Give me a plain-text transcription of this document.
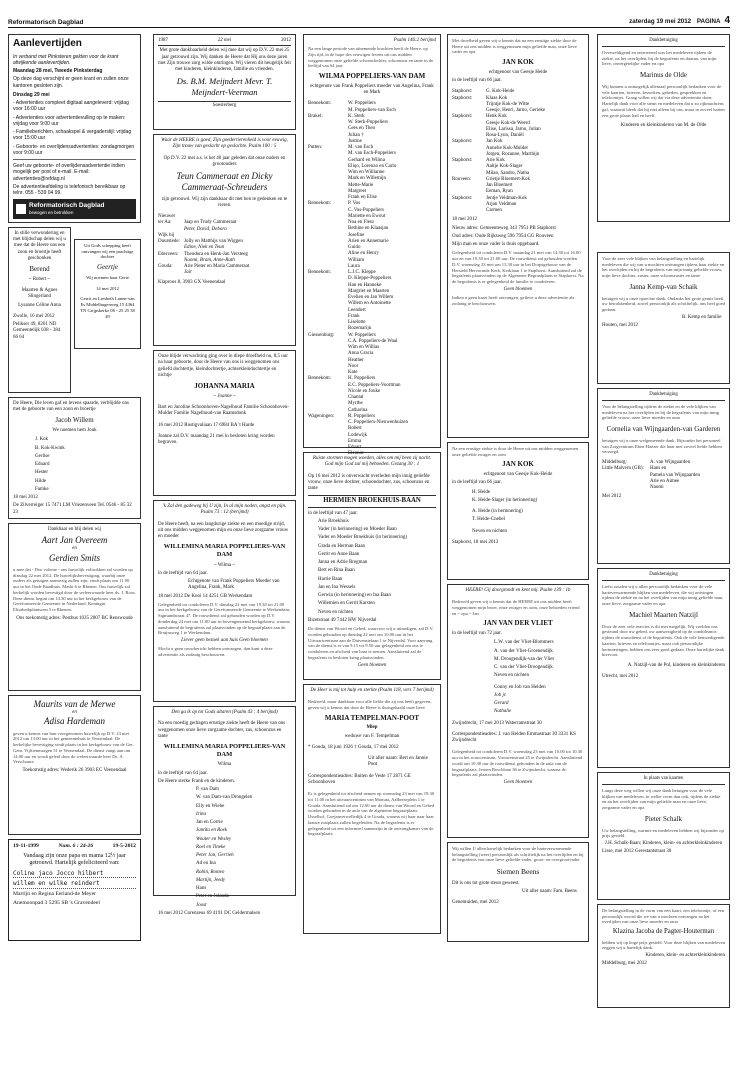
Reformatorisch Dagblad	zaterdag 19 mei 2012 PAGINA 4
Aanlevertijden

In verband met Pinksteren gelden voor de krant afwijkende aanlevertijden.

Maandag 28 mei, Tweede Pinksterdag

Op deze dag verschijnt er geen krant en zullen onze kantoren gesloten zijn.

Dinsdag 29 mei

- Advertenties compleet digitaal aangeleverd: vrijdag voor 16:00 uur

- Advertenties voor advertentievulling op te maken: vrijdag voor 9:00 uur

- Familieberichten, schaakspel & vergaderstijl: vrijdag voor 15:00 uur

- Geboorte- en overlijdensadvertenties: zondagmorgen voor 9:00 uur

Geef uw geboorte- of overlijdensadvertentie indien mogelijk per post of e-mail. E-mail: advertenties@refdag.nl

De advertentieafdeling is telefonisch bereikbaar op telnr. 055 - 539 04 99.

Reformatorisch Dagblad
bewogen en betrokken

In stille verwondering en met blijdschap delen wij u mee dat de Heere ons een zoon en broertje heeft geschonken

Berend

~ Robert ~

Maarten & Agnes Slingerland

Lysanne Céline Anna

Zwolle, 16 mei 2012

Pelikser 49, 8201 ND Gemeentelijk 038 - 384 66 64

Uit Gods schepping heeft ontvangen wij een prachtige dochter

Geertje

Wij noemen haar Gerie

14 mei 2012

Gerrit en Liesbeth Lanen-van Es Middelhugenweg 15 4364 TN Grijpskerke 06 - 25 25 38 49

De Heere, Die leven gaf en levens spaarde, verblijdde ons met de geboorte van een zoon en broertje

Jacob Willem

We noemen hem Jouk

J. Kok

B. Kok-Kwink

Gerlise

Eduard

Hester

Hilde

Famke

18 mei 2012

De Zilverreiger 15 7471 LM Vriezenveen Tel. 0546 - 85 32 23

Dankbaar en blij delen wij

Aart Jan Overeem
en
Gerdien Smits

u mee dat - Deo volente - ons huwelijk voltrokken zal worden op dinsdag 22 mei 2012. De huwelijksbevestiging, waarbij onze ouders als getuigen aanwezig zullen zijn, vindt plaats om 11.00 uur in het Oude Raadhuis, Markt 6 te Rhenen. Ons huwelijk zal kerkelijk worden bevestigd door de weleerwaarde heer ds. J. Roos. Deze dienst begint om 14.30 uur in het kerkgebouw van de Gereformeerde Gemeente in Nederland, Koningin Elisabethplantsoen 5 te Rhenen.

Ons toekomstig adres: Postbus 1035 2007 BC Renswoude

Maurits van de Merwe
en
Adisa Hardeman

geven u kennis van hun voorgenomen huwelijk op D.V. 23 mei 2012 om 13.00 uur in het gemeentehuis te Veenendaal. De kerkelijke bevestiging vindt plaats in het kerkgebouw van de Ger. Gem. Vijftienmorgen 51 te Veenendaal. De dienst vangt aan om 14.00 uur en wordt geleid door de weleerwaarde heer Ds. A. Verschuure.

Toekomstig adres: Wederik 26 3903 EC Veenendaal

19-11-1999	Num. 6 : 24-26	19-5-2012

Vandaag zijn onze papa en mama 12½ jaar getrouwd. Hartelijk gefeliciteerd van:

Coline jaco Jocco hilbert
willem en wilke reindert

Marrijn en Regina Eerland-de Meyer

Anemoonpad 3 5295 SB 's Gravendeel

1987	22 mei	2012

Met grote dankbaarheid delen wij mee dat wij op D.V. 22 mei 25 jaar getrouwd zijn. Wij danken de Heere dat Hij ons deze jaren met Zijn trouwe zorg wilde omringen. Wij vieren dit heugelijk feit met kinderen, kleinkinderen, familie en vrienden.

Ds. B.M. Meijndert Mevr. T. Meijndert-Veerman

Soesterberg

Waar de HEERE is goed, Zijn goedertierenheid is voor eeuwig, Zijn trouw van geslacht op geslachte. Psalm 100 : 5

Op D.V. 22 mei a.s. is het 40 jaar geleden dat onze ouders en grootouders

Teun Cammeraat en Dicky Cammeraat-Schreuders

zijn getrouwd. Wij zijn dankbaar dit met hen te gedenken en te vieren.

Nieuwer
ter Aa:	Jaap en Trudy Cammeraat
Peter, David, Debora
Wijk bij
Duurstede: Jolly en Matthijs van Wiggen
Edine, Niek en Teun
Ederveen:	Theodora en Henk-Jan Versteeg
Naomi, Bram, Anne-Ruth
Gouda:	Arie Pieter en Maria Cammeraat
Jair

Klaproos 8, 3903 GX Veenendaal

Onze blijde verwachting ging over in diepe droefheid nu, 8,5 uur na haar geboorte, door de Heere van ons is weggenomen ons geliefd dochtertje, kleindochtertje, achterkleindochtertje en nichtje

JOHANNA MARIA

~ Joanne ~

Bart en Jacoline Schoonhoven-Nagelhoud Familie Schoonhoven-Mulder Familie Nagelhoud-van Raamsdonk

16 mei 2012 Rustigvaliaan 17 6984 BA 't Harde

Joanne zal D.V. maandag 21 mei in besloten kring worden begraven.

'k Zal den gadeweg bij U zijn, In al mijn noden, angst en pijn. Psalm 73 : 12 (berijmd)

De Heere heeft, na een langdurige ziekte en een moedige strijd, uit ons midden weggenomen mijn en onze lieve zorgzame vrouw en moeder

WILLEMINA MARIA POPPELIERS-VAN DAM

~ Wilma ~

in de leeftijd van 64 jaar.

Echtgenote van Frank Poppeliers Moeder van Angelina, Frank, Mark

18 mei 2012 De Kooi 14 4251 GB Werkendam

Gelegenheid tot condoleren D.V. dinsdag 22 mei van 19.30 tot 21.00 uur in het kerkgebouw van de Gereformeerde Gemeente te Werkendam, Sigmundstraat 47. De rouwdienst zal gehouden worden op D.V. donderdag 24 mei om 11.00 uur in bovengenoemd kerkgebouw, waarna aansluitend de begrafenis zal plaatsvinden op de begraafplaats aan de Bruijnsweg 1 te Werkendam.

Liever geen bezoek aan huis Geen bloemen

Mocht u geen rouwbericht hebben ontvangen, dan kunt u deze advertentie als zodanig beschouwen.

Den ga ik op tot Gods altaren (Psalm 43 : 4 berijmd)

Na een moedig gedragen ernstige ziekte heeft de Heere van ons weggenomen onze lieve zorgzame dochter, zus, schoonzus en tante

WILLEMINA MARIA POPPELIERS-VAN DAM

Wilma

in de leeftijd van 64 jaar.

De Heere sterke Frank en de kinderen.

P. van Dam

W. van Dam-van Drongelen

Elly en Wiebe

Irina

Jan en Corrie

Jantita en Roek

Wouter en Wesley

Roel en Tineke

Peter Jan, Gerrieh

Ad en Ina

Robin, Romeo

Martijn, Jeedy

Hans

Peter en Jolanda

Joost

16 mei 2012 Corenzeus 69 4191 DC Geldermalsen

Psalm 146:2 berijmd

Na een lange periode van afnemende krachten heeft de Heere, op Zijn tijd, in de hope des eeuwigen levens uit ons midden weggenomen onze geliefde schoondochter, schoonzus en tante in de leeftijd van 64 jaar

WILMA POPPELIERS-VAN DAM

echtgenote van Frank Poppeliers moeder van Angelina, Frank en Mark

Bennekom:	W. Poppeliers
M. Poppeliers-van Esch
Brakel:	K. Sterk
W. Sterk-Poppeliers
Cees en Theo
Julian †
Justine
Putten:	M. van Esch
M. van Esch-Poppeliers
Gerhard en Wilma
Eliqo, Lorenzo en Carlo
Wim en Willianne
Mark en Willemijn
Mette-Marie
Margreet
Frank en Elise
Bennekom:	P. Vos
C. Vos-Poppeliers
Mariette en Ewout
Noa en Fleur
Bethine en Klaasjan
Josefine
Arien en Annemarie
Guido
Aline en Henry
William
Laura
Bennekom:	L.J.C. Kleppe
D. Kleppe-Poppeliers
Han en Hanneke
Margriet en Maarten
Evelien en Jan Willem
Willem en Antoinette
Leendert
Frank
Liselotte
Rozemarijn
Giessenburg:	W. Poppeliers
C.A. Poppeliers-de Waal
Wim en Willias
Anna Gracia
Heather
Noor
Kate
Bennekom:	H. Poppeliers
E.C. Poppeliers-Voortman
Nicole en Jouke
Chantal
Myrthe
Catharina
Wageningen:	R. Poppeliers
C. Poppeliers-Nieuwenhuizen
Robert
Lodewijk
Emma
Eduart
Eleonor

Ruiste stormen mogen woeden, alles om mij been zij nacht. God mijn God zal mij behoeden. Gezang 30 : 1

Op 16 mei 2012 is onverwacht overleden mijn innig geliefde vrouw, onze lieve dochter, schoondochter, zus, schoonzus en tante

HERMIEN BROEKHUIS-BAAN

in de leeftijd van 47 jaar.

Arie Broekhuis

Vader (in herinnering) en Moeder Baan

Vader en Moeder Broekhuis (in herinnering)

Grada en Herman Baan

Gerrit en Anne Baan

Janna en Adrie Bregman

Bert en Rina Baan

Harrie Baan

Jan en Ina Wessels

Gerwin (in herinnering) en Ina Baan

Willemien en Gerrit Karsten

Neven en nichten

Bizetstraat 49 7442 HW Nijverdal

De dienst van Woord en Gebed, waarvoor wij u uitnodigen, zal D.V. worden gehouden op dinsdag 22 mei om 10.00 uur in het Uitvaartcentrum aan de Duivenstelaan 1 te Nijverdal. Voor aanvang van de dienst is er van 9.15 tot 9.50 uur gelegenheid om ons te condoleren en afscheid van haar te nemen. Aansluitend zal de begrafenis in besloten kring plaatsvinden.

Geen bloemen

De Heer is mij tot hulp en sterkte (Psalm 118, vers 7 berijmd)

Bedroefd, maar dankbaar voor alle liefde die zij ons heeft gegeven, geven wij u kennis dat door de Heere is thuisgehaald onze lieve

MARIA TEMPELMAN-POOT

Miep

weduwe van F. Tempelman

* Gouda, 18 juni 1926 † Gouda, 17 mei 2012

Uit aller naam: Bert en Jannie Poot

Correspondentieadres: Buiten de Veste 17 2871 GE Schoonhoven

Er is gelegenheid tot afscheid nemen op woensdag 23 mei van 19.30 tot 11.00 in het uitvaartcentrum van Monuta, Aalberseplein 1 te Gouda. Aansluitend zal om 12.00 uur de dienst van Woord en Gebed worden gehouden in de aula van de algemene begraafplaats IJsselhof, Goejanverwelledijk 4 te Gouda, waarna wij haar naar haar laatste rustplaats zullen begeleiden. Na de begrafenis is er gelegenheid tot een informeel samenzijn in de ontvangkamer van de begraafplaats.

Met droefheid geven wij u kennis dat na een ernstige ziekte door de Heere uit ons midden is weggenomen mijn geliefde man, onze lieve vader en opa

JAN KOK

echtgenoot van Geesje Heide

in de leeftijd van 66 jaar.

Staphorst:	G. Kok-Heide
Staphorst:	Klaas Kok
Trijntje Kok-de Witte
Geesje, Henri, Jarno, Gerieke
Staphorst:	Henk Kok
Geesje Kok-de Weerd
Elise, Larissa, Jarno, Julian
Rosa-Lynn, Daniël
Staphorst:	Jan Kok
Annelie Kok-Mulder
Jorgen, Rozanne, Marthijn
Staphorst:	Arie Kok
Aaltje Kok-Slager
Milan, Sandro, Natha
Rouveen:	Grietje Bloemert-Kok
Jan Bloemert
Eeman, Ryan
Staphorst:	Jentje Veldman-Kok
Arjan Veldman
Carmen

18 mei 2012

Nieuw adres: Gemeenteweg 343 7951 PB Staphorst

Oud adres: Oude Rijksweg 596 7954 GG Rouveen

Mijn man en onze vader is thuis opgebaard.

Gelegenheid tot condoleren D.V. maandag 21 mei van 14.30 tot 16.00 uur en van 19.30 tot 21.00 uur. De rouwdienst zal gehouden worden D.V. woensdag 23 mei om 13.30 uur in het Dorpsgebouw van de Hersteld Hervormde Kerk, Kerklaan 1 te Staphorst. Aansluitend zal de begrafenis plaatsvinden op de Algemene Begraafplaats te Staphorst. Na de begrafenis is er gelegenheid de familie te condoleren.

Geen bloemen

Indien u geen kaart heeft ontvangen, gelieve u deze advertentie als zodanig te beschouwen.

Na een ernstige ziekte is door de Heere uit ons midden weggenomen onze geliefde zwager en oom

JAN KOK

echtgenoot van Geesje Kok-Heide

in de leeftijd van 66 jaar.

H. Heide

K. Heide-Slager (in herinnering)

A. Heide (in herinnering)

T. Heide-Cnebel

Neven en nichten

Staphorst, 18 mei 2012

HEERE! Gij doorgrondt en kent mij. Psalm 139 : 1b

Bedroefd geven wij u kennis dat de HEERE uit ons midden heeft weggenomen mijn broer, onze zwager en oom, onze behoeden vriend en ~ opa ~ Jan

JAN VAN DER VLIET

in de leeftijd van 72 jaar.

L.W. van der Vliet-Blommers

A. van der Vliet-Groenendijk

M. Droogendijk-van der Vliet

C. van der Vliet-Droogendijk

Neven en nichten

Conny en Job van Helden

Job jr.

Gerard

Nathalie

Zwijndrecht, 17 mei 2013 Waterramstraat 30

Correspondentieadres: J. van Helden Emmastraat 30 3331 KS Zwijndrecht

Gelegenheid tot condoleren D.V. woensdag 23 mei van 10.00 tot 10.30 uur in het rouwcentrum, Vrouwenstraat 25 te Zwijndrecht. Aansluitend wordt om 10.30 uur de rouwdienst gehouden in de aula van de begraafplaats, Jeroen Boschlaan 36 te Zwijndrecht, waarna de begrafenis zal plaatsvinden.

Geen bloemen

Wij willen U allen hartelijk bedanken voor de harteverwarmende belangstelling (weer) persoonlijk als schriftelijk na het overlijden en bij de begrafenis van onze lieve geliefde vader, groot- en overgrootvader

Siemen Beens

Dit is ons tot grote steun geweest.

Uit aller naam: Fam. Beens

Genemuiden, mei 2012

Dankbetuiging

Overweldigend en ontroerend was het medeleven tijdens de ziekte, na het overlijden, bij de begrafenis en daarna, van mijn lieve, onvergetelijke vader en opa

Marinus de Olde

Wij kunnen u onmogelijk allemaal persoonlijk bedanken voor de vele kaarten, brieven, bezoeken, gebeden, gesprekken en telefoontjes. Graag willen wij dat via deze advertentie doen: Hartelijk dank voor alle steun en medeleven dat u zo rijkmachtens gaf, waarmit bleek dat hij niet alleen bij ons, maar in zoveel harten een grote plaats had en heeft.

Kinderen en kleinkinderen van M. de Olde

Voor de zeer vele blijken van belangstelling en hartelijk medeleven die wij van u mochten ontvangen tijdens haar ziekte en het overlijden en bij de begrafenis van mijn innig geliefde vrouw, mijn lieve dochter, zuster, onze schoonzuster en tante

Janna Kemp-van Schaik

betuigen wij u onze oprechte dank. Ondanks het grote gemis heeft uw betrokkenheid, zowel persoonlijk als schriftelijk, ons heel goed gedaan.

B. Kemp en familie

Houten, mei 2012

Dankbetuiging

Voor de belangstelling tijdens de ziekte en de vele blijken van medeleven na het overlijden en bij de begrafenis van mijn innig geliefde vrouw, onze lieve moeder en oma

Cornelia van Wijngaarden-van Garderen

betuigen wij u onze welgemeende dank. Bijzonder het personeel van Zorgcentrum Eben-Haëzer die haar met zoveel liefde hebben verzorgd.

Middelburg:	A. van Wijngaarden
Little Malvern (GB):	Hans en
Pamela van Wijngaarden
Arie en Aimee
Naomi

Mei 2012

Dankbetuiging

Liefst zouden wij u allen persoonlijk bedanken voor de vele harteverwarmende blijken van medeleven, die wij ontvingen tijdens de ziekte en na het overlijden van mijn innig geliefde man, onze lieve, zorgzame vader en opa

Machiel Maarten Natzijl

Door de zeer vele reacties is dit niet mogelijk. Wij voelden ons gesteund door uw gebed, uw aanwezigheid op de condoleance, tijdens de rouwdienst of de begrafenis. Ook de vele bemoedigende kaarten, brieven en telefoontjes, maar ook persoonlijke herinneringen, hebben ons zeer goed gedaan. Onze hartelijke dank hiervoor.

A. Natzijl-van de Pol, kinderen en kleinkinderen

Utrecht, mei 2012

In plaats van kaarten

Langs deze weg willen wij onze dank betuigen voor de vele blijken van medeleven, in welke vorm dan ook, tijdens de ziekte en na het overlijden van mijn geliefde man en onze lieve, zorgzame vader en opa

Pieter Schalk

Uw belangstelling, warmte en medeleven hebben wij bijzonder op prijs gesteld.

J.H. Schalk-Baan; Kinderen, klein- en achterkleinkinderen

Lisse, mei 2012 Gerestantstraat 30

De belangstelling in de vorm van een kaart, een telefoontje, of een persoonlijk woord die we van u mochten ontvangen na het overlijden van onze lieve moeder en oma

Klazina Jacoba de Pagter-Houterman

hebben wij op hoge prijs gesteld. Voor deze blijken van medeleven zeggen wij u hartelijk dank.

Kinderen, klein- en achterkleinkinderen

Middelburg, mei 2012
